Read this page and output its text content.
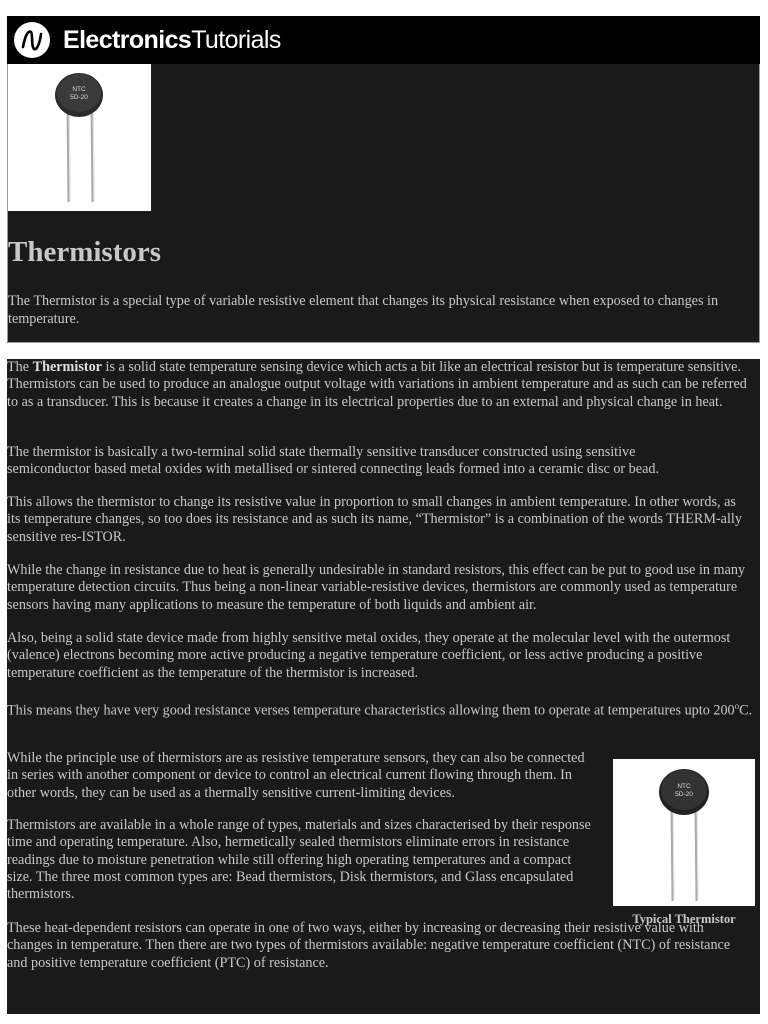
ElectronicsTutorials
NTC
5D-20
Thermistors

The Thermistor is a special type of variable resistive element that changes its physical resistance when exposed to changes in temperature.

The Thermistor is a solid state temperature sensing device which acts a bit like an electrical resistor but is temperature sensitive. Thermistors can be used to produce an analogue output voltage with variations in ambient temperature and as such can be referred to as a transducer. This is because it creates a change in its electrical properties due to an external and physical change in heat.

The thermistor is basically a two-terminal solid state thermally sensitive transducer constructed using sensitive semiconductor based metal oxides with metallised or sintered connecting leads formed into a ceramic disc or bead.

This allows the thermistor to change its resistive value in proportion to small changes in ambient temperature. In other words, as its temperature changes, so too does its resistance and as such its name, “Thermistor” is a combination of the words THERM-ally sensitive res-ISTOR.

While the change in resistance due to heat is generally undesirable in standard resistors, this effect can be put to good use in many temperature detection circuits. Thus being a non-linear variable-resistive devices, thermistors are commonly used as temperature sensors having many applications to measure the temperature of both liquids and ambient air.

Also, being a solid state device made from highly sensitive metal oxides, they operate at the molecular level with the outermost (valence) electrons becoming more active producing a negative temperature coefficient, or less active producing a positive temperature coefficient as the temperature of the thermistor is increased.

This means they have very good resistance verses temperature characteristics allowing them to operate at temperatures upto 200$^o$C.

While the principle use of thermistors are as resistive temperature sensors, they can also be connected in series with another component or device to control an electrical current flowing through them. In other words, they can be used as a thermally sensitive current-limiting devices.

Thermistors are available in a whole range of types, materials and sizes characterised by their response time and operating temperature. Also, hermetically sealed thermistors eliminate errors in resistance readings due to moisture penetration while still offering high operating temperatures and a compact size. The three most common types are: Bead thermistors, Disk thermistors, and Glass encapsulated thermistors.

These heat-dependent resistors can operate in one of two ways, either by increasing or decreasing their resistive value with changes in temperature. Then there are two types of thermistors available: negative temperature coefficient (NTC) of resistance and positive temperature coefficient (PTC) of resistance.

NTC
5D-20
Typical Thermistor
